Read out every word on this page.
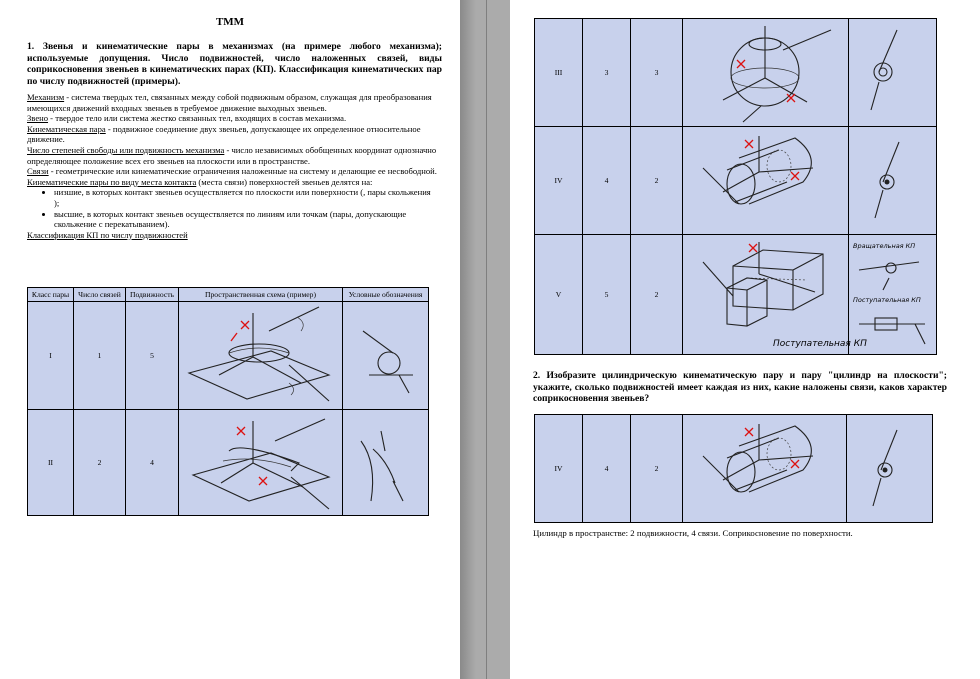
ТММ
1. Звенья и кинематические пары в механизмах (на примере любого механизма); используемые допущения. Число подвижностей, число наложенных связей, виды соприкосновения звеньев в кинематических парах (КП). Классификация кинематических пар по числу подвижностей (примеры).

Механизм - система твердых тел, связанных между собой подвижным образом, служащая для преобразования имеющихся движений входных звеньев в требуемое движение выходных звеньев.

Звено - твердое тело или система жестко связанных тел, входящих в состав механизма.

Кинематическая пара - подвижное соединение двух звеньев, допускающее их определенное относительное движение.

Число степеней свободы или подвижность механизма - число независимых обобщенных координат однозначно определяющее положение всех его звеньев на плоскости или в пространстве.

Связи - геометрические или кинематические ограничения наложенные на систему и делающие ее несвободной.

Кинематические пары по виду места контакта (места связи) поверхностей звеньев делятся на:

• низшие, в которых контакт звеньев осуществляется по плоскости или поверхности (, пары скольжения );
• высшие, в которых контакт звеньев осуществляется по линиям или точкам (пары, допускающие скольжение с перекатыванием).

Классификация КП по числу подвижностей

Класс пары	Число связей	Подвижность	Пространственная схема (пример)	Условные обозначения
I	1	5	

II	2	4	

III	3	3	

IV	4	2	

V	5	2	Поступательная КП	Вращательная КП
Поступательная КП
2. Изобразите цилиндрическую кинематическую пару и пару "цилиндр на плоскости"; укажите, сколько подвижностей имеет каждая из них, какие наложены связи, каков характер соприкосновения звеньев?
IV	4	2	

Цилиндр в пространстве: 2 подвижности, 4 связи. Соприкосновение по поверхности.
